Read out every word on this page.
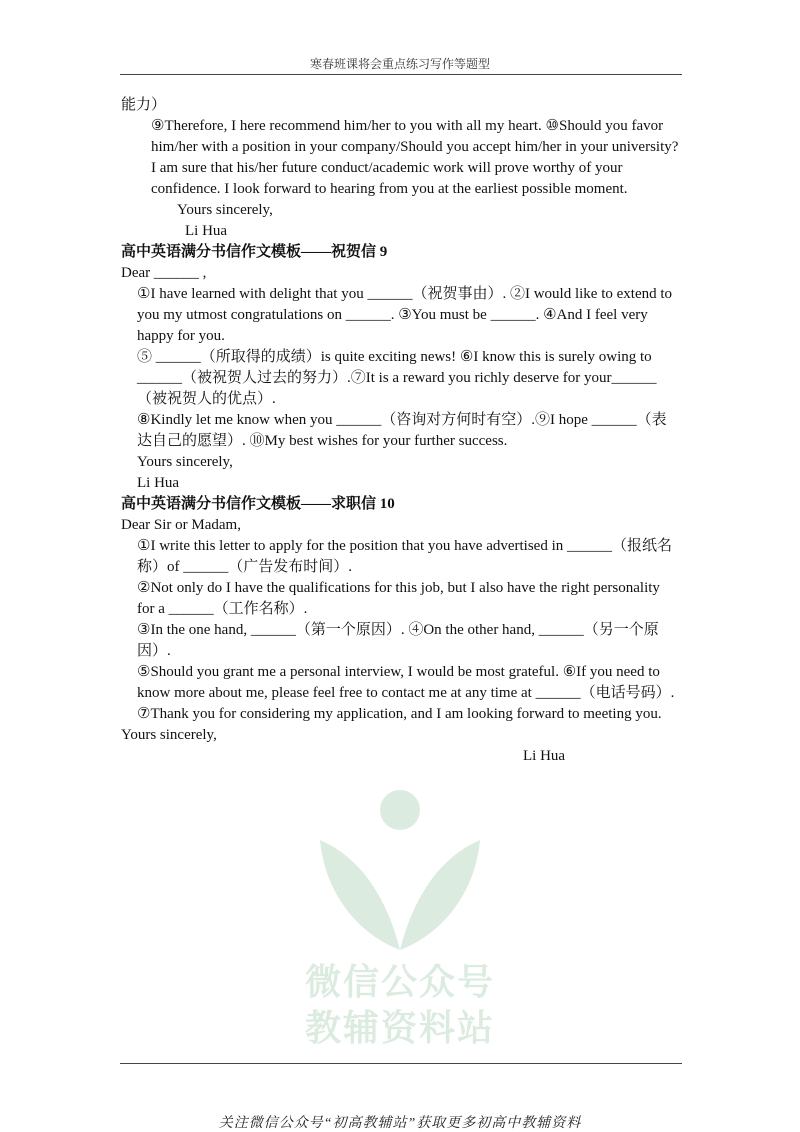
寒春班课将会重点练习写作等题型
微信公众号
教辅资料站

能力）

⑨Therefore, I here recommend him/her to you with all my heart. ⑩Should you favor him/her with a position in your company/Should you accept him/her in your university? I am sure that his/her future conduct/academic work will prove worthy of your confidence. I look forward to hearing from you at the earliest possible moment.

Yours sincerely,

Li Hua

高中英语满分书信作文模板——祝贺信 9

Dear ______ ,

①I have learned with delight that you ______（祝贺事由）. ②I would like to extend to you my utmost congratulations on ______. ③You must be ______. ④And I feel very happy for you.

⑤ ______（所取得的成绩）is quite exciting news! ⑥I know this is surely owing to ______（被祝贺人过去的努力）.⑦It is a reward you richly deserve for your______（被祝贺人的优点）.

⑧Kindly let me know when you ______（咨询对方何时有空）.⑨I hope ______（表达自己的愿望）. ⑩My best wishes for your further success.

Yours sincerely,

Li Hua

高中英语满分书信作文模板——求职信 10

Dear Sir or Madam,

①I write this letter to apply for the position that you have advertised in ______（报纸名称）of ______（广告发布时间）.

②Not only do I have the qualifications for this job, but I also have the right personality for a ______（工作名称）.

③In the one hand, ______（第一个原因）. ④On the other hand, ______（另一个原因）.

⑤Should you grant me a personal interview, I would be most grateful. ⑥If you need to know more about me, please feel free to contact me at any time at ______（电话号码）.

⑦Thank you for considering my application, and I am looking forward to meeting you.

Yours sincerely,

Li Hua

关注微信公众号“初高教辅站”获取更多初高中教辅资料
